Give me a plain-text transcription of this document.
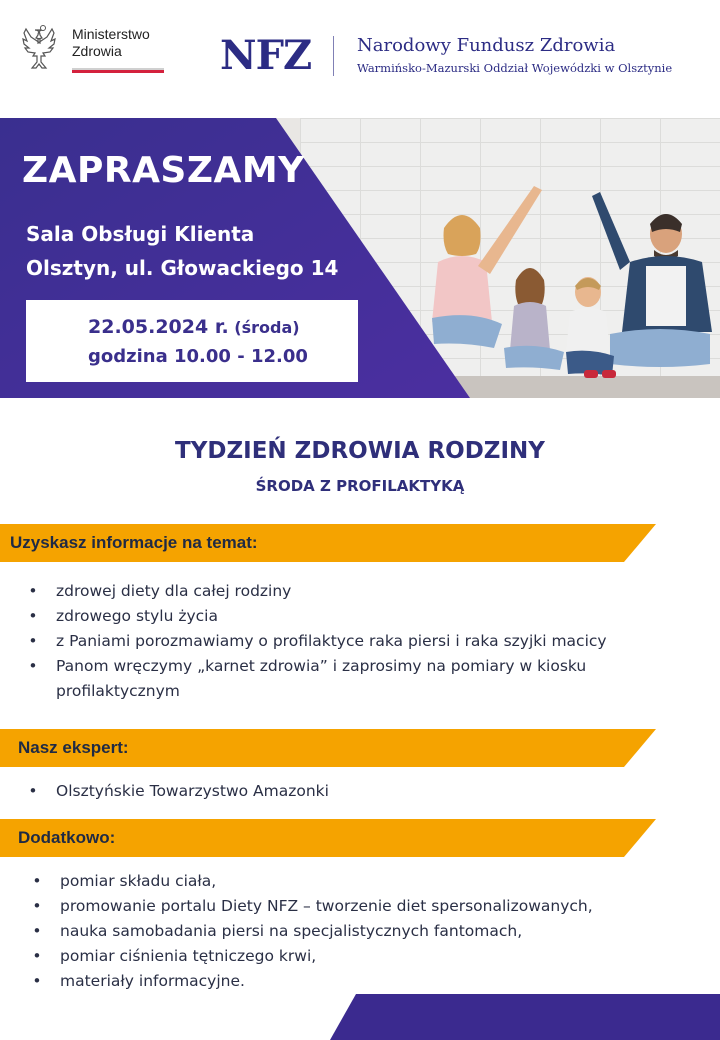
Ministerstwo
Zdrowia	NFZ	Narodowy Fundusz Zdrowia
Warmińsko-Mazurski Oddział Wojewódzki w Olsztynie
ZAPRASZAMY
Sala Obsługi Klienta
Olsztyn, ul. Głowackiego 14
22.05.2024 r. (środa)
godzina 10.00 - 12.00
TYDZIEŃ ZDROWIA RODZINY
ŚRODA Z PROFILAKTYKĄ
Uzyskasz informacje na temat:
• zdrowej diety dla całej rodziny
• zdrowego stylu życia
• z Paniami porozmawiamy o profilaktyce raka piersi i raka szyjki macicy
• Panom wręczymy „karnet zdrowia” i zaprosimy na pomiary w kiosku profilaktycznym
Nasz ekspert:
• Olsztyńskie Towarzystwo Amazonki
Dodatkowo:
• pomiar składu ciała,
• promowanie portalu Diety NFZ – tworzenie diet spersonalizowanych,
• nauka samobadania piersi na specjalistycznych fantomach,
• pomiar ciśnienia tętniczego krwi,
• materiały informacyjne.
